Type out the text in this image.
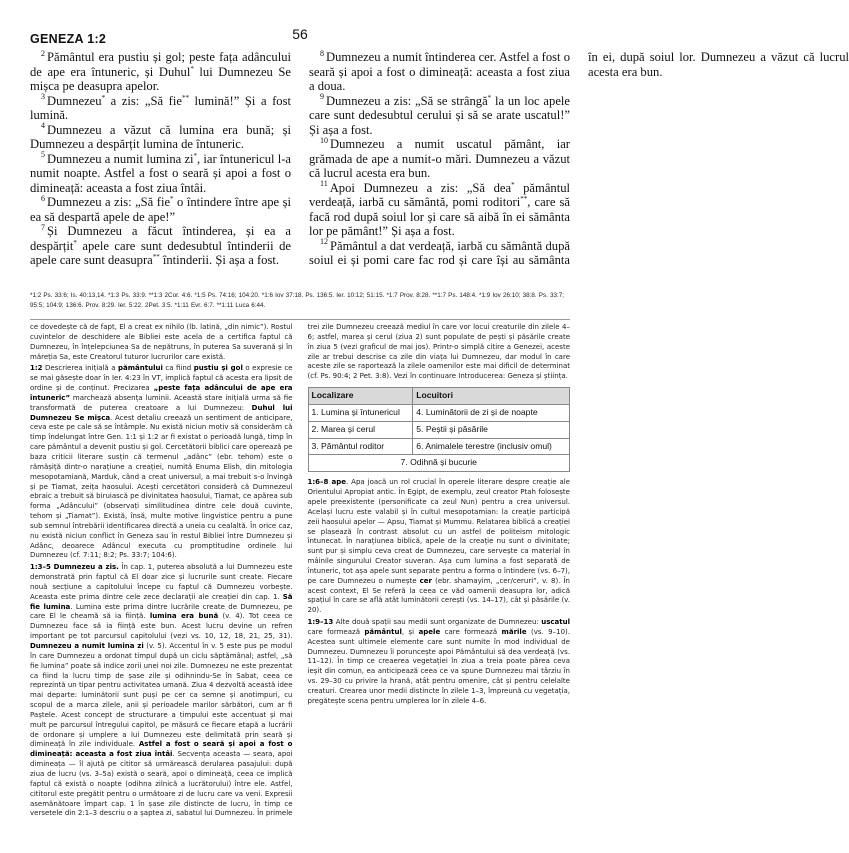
GENEZA 1:2	56

$^2$ Pământul era pustiu și gol; peste fața adâncului de ape era întuneric, și Duhul* lui Dumnezeu Se mișca pe deasupra apelor.

$^3$ Dumnezeu* a zis: „Să fie** lumină!” Și a fost lumină.

$^4$ Dumnezeu a văzut că lumina era bună; și Dumnezeu a despărțit lumina de întuneric.

$^5$ Dumnezeu a numit lumina zi*, iar întunericul l-a numit noapte. Astfel a fost o seară și apoi a fost o dimineață: aceasta a fost ziua întâi.

$^6$ Dumnezeu a zis: „Să fie* o întindere între ape și ea să despartă apele de ape!”

$^7$ Și Dumnezeu a făcut întinderea, și ea a despărțit* apele care sunt dedesubtul întinderii de apele care sunt deasupra** întinderii. Și așa a fost.

$^8$ Dumnezeu a numit întinderea cer. Astfel a fost o seară și apoi a fost o dimineață: aceasta a fost ziua a doua.

$^9$ Dumnezeu a zis: „Să se strângă* la un loc apele care sunt dedesubtul cerului și să se arate uscatul!” Și așa a fost.

$^{10}$ Dumnezeu a numit uscatul pământ, iar grămada de ape a numit-o mări. Dumnezeu a văzut că lucrul acesta era bun.

$^{11}$ Apoi Dumnezeu a zis: „Să dea* pământul verdeață, iarbă cu sământă, pomi roditori**, care să facă rod după soiul lor și care să aibă în ei sământa lor pe pământ!” Și așa a fost.

$^{12}$ Pământul a dat verdeață, iarbă cu sământă după soiul ei și pomi care fac rod și care își au sământa în ei, după soiul lor. Dumnezeu a văzut că lucrul acesta era bun.

*1:2 Ps. 33:6; Is. 40:13,14. *1:3 Ps. 33:9. **1:3 2Cor. 4:6. *1:5 Ps. 74:16; 104:20. *1:6 Iov 37:18. Ps. 136:5. Ier. 10:12; 51:15. *1:7 Prov. 8:28. **1:7 Ps. 148:4. *1:9 Iov 26:10; 38:8. Ps. 33:7; 95:5; 104:9; 136:6. Prov. 8:29. Ier. 5:22. 2Pet. 3:5. *1:11 Evr. 6:7. **1:11 Luca 6:44.

ce dovedește că de fapt, El a creat ex nihilo (lb. latină, „din nimic”). Rostul cuvintelor de deschidere ale Bibliei este acela de a certifica faptul că Dumnezeu, în înțelepciunea Sa de nepătruns, în puterea Sa suverană și în măreția Sa, este Creatorul tuturor lucrurilor care există.

1:2 Descrierea inițială a pământului ca fiind pustiu și gol o expresie ce se mai găsește doar în Ier. 4:23 în VT, implică faptul că acesta era lipsit de ordine și de conținut. Precizarea „peste fața adâncului de ape era întuneric” marchează absența luminii. Această stare inițială urma să fie transformată de puterea creatoare a lui Dumnezeu: Duhul lui Dumnezeu Se mișca. Acest detaliu creează un sentiment de anticipare, ceva este pe cale să se întâmple. Nu există niciun motiv să considerăm că timp îndelungat între Gen. 1:1 și 1:2 ar fi existat o perioadă lungă, timp în care pământul a devenit pustiu și gol. Cercetătorii biblici care operează pe baza criticii literare susțin că termenul „adânc” (ebr. tehom) este o rămășiță dintr-o narațiune a creației, numită Enuma Elish, din mitologia mesopotamiană, Marduk, când a creat universul, a mai trebuit s-o învingă și pe Tiamat, zeița haosului. Acești cercetători consideră că Dumnezeul ebraic a trebuit să biruiască pe divinitatea haosului, Tiamat, ce apărea sub forma „Adâncului” (observați similitudinea dintre cele două cuvinte, tehom și „Tiamat”). Există, însă, multe motive lingvistice pentru a pune sub semnul întrebării identificarea directă a uneia cu cealaltă. În orice caz, nu există niciun conflict în Geneza sau în restul Bibliei între Dumnezeu și Adânc, deoarece Adâncul executa cu promptitudine ordinele lui Dumnezeu (cf. 7:11; 8:2; Ps. 33:7; 104:6).

1:3–5 Dumnezeu a zis. În cap. 1, puterea absolută a lui Dumnezeu este demonstrată prin faptul că El doar zice și lucrurile sunt create. Fiecare nouă secțiune a capitolului începe cu faptul că Dumnezeu vorbește. Aceasta este prima dintre cele zece declarații ale creației din cap. 1. Să fie lumina. Lumina este prima dintre lucrările create de Dumnezeu, pe care El le cheamă să ia ființă. lumina era bună (v. 4). Tot ceea ce Dumnezeu face să ia ființă este bun. Acest lucru devine un refren important pe tot parcursul capitolului (vezi vs. 10, 12, 18, 21, 25, 31). Dumnezeu a numit lumina zi (v. 5). Accentul în v. 5 este pus pe modul în care Dumnezeu a ordonat timpul după un ciclu săptămânal; astfel, „să fie lumina” poate să indice zorii unei noi zile. Dumnezeu ne este prezentat ca fiind la lucru timp de șase zile și odihnindu-Se în Sabat, ceea ce reprezintă un tipar pentru activitatea umană. Ziua 4 dezvoltă această idee mai departe: luminătorii sunt puși pe cer ca semne și anotimpuri, cu scopul de a marca zilele, anii și perioadele marilor sărbători, cum ar fi Paștele. Acest concept de structurare a timpului este accentuat și mai mult pe parcursul întregului capitol, pe măsură ce fiecare etapă a lucrării de ordonare și umplere a lui Dumnezeu este delimitată prin seară și dimineață în zile individuale. Astfel a fost o seară și apoi a fost o dimineață: aceasta a fost ziua întâi. Secvența aceasta — seara, apoi dimineața — îl ajută pe cititor să urmărească derularea pasajului: după ziua de lucru (vs. 3–5a) există o seară, apoi o dimineață, ceea ce implică faptul că există o noapte (odihna zilnică a lucrătorului) între ele. Astfel, cititorul este pregătit pentru o următoare zi de lucru care va veni. Expresii asemănătoare împart cap. 1 în șase zile distincte de lucru, în timp ce versetele din 2:1–3 descriu o a șaptea zi, sabatul lui Dumnezeu. În primele trei zile Dumnezeu creează mediul în care vor locui creaturile din zilele 4–6; astfel, marea și cerul (ziua 2) sunt populate de pești și păsările create în ziua 5 (vezi graficul de mai jos). Printr-o simplă citire a Genezei, aceste zile ar trebui descrise ca zile din viața lui Dumnezeu, dar modul în care aceste zile se raportează la zilele oamenilor este mai dificil de determinat (cf. Ps. 90:4; 2 Pet. 3:8). Vezi în continuare Introducerea: Geneza și știința.

Localizare	Locuitori
1. Lumina și întunericul	4. Luminătorii de zi și de noapte
2. Marea și cerul	5. Peștii și păsările
3. Pământul roditor	6. Animalele terestre (inclusiv omul)
7. Odihnă și bucurie	

1:6–8 ape. Apa joacă un rol crucial în operele literare despre creație ale Orientului Apropiat antic. În Egipt, de exemplu, zeul creator Ptah folosește apele preexistente (personificate ca zeul Nun) pentru a crea universul. Același lucru este valabil și în cultul mesopotamian: la creație participă zeii haosului apelor — Apsu, Tiamat și Mummu. Relatarea biblică a creației se plasează în contrast absolut cu un astfel de politeism mitologic întunecat. În narațiunea biblică, apele de la creație nu sunt o divinitate; sunt pur și simplu ceva creat de Dumnezeu, care servește ca material în mâinile singurului Creator suveran. Așa cum lumina a fost separată de întuneric, tot așa apele sunt separate pentru a forma o întindere (vs. 6–7), pe care Dumnezeu o numește cer (ebr. shamayim, „cer/ceruri”, v. 8). În acest context, El Se referă la ceea ce văd oamenii deasupra lor, adică spațiul în care se află atât luminătorii cerești (vs. 14–17), cât și păsările (v. 20).

1:9–13 Alte două spații sau medii sunt organizate de Dumnezeu: uscatul care formează pământul, și apele care formează mările (vs. 9–10). Acestea sunt ultimele elemente care sunt numite în mod individual de Dumnezeu. Dumnezeu îi poruncește apoi Pământului să dea verdeață (vs. 11–12). În timp ce creaerea vegetației în ziua a treia poate părea ceva ieșit din comun, ea anticipează ceea ce va spune Dumnezeu mai târziu în vs. 29–30 cu privire la hrană, atât pentru omenire, cât și pentru celelalte creaturi. Crearea unor medii distincte în zilele 1–3, împreună cu vegetația, pregătește scena pentru umplerea lor în zilele 4–6.
